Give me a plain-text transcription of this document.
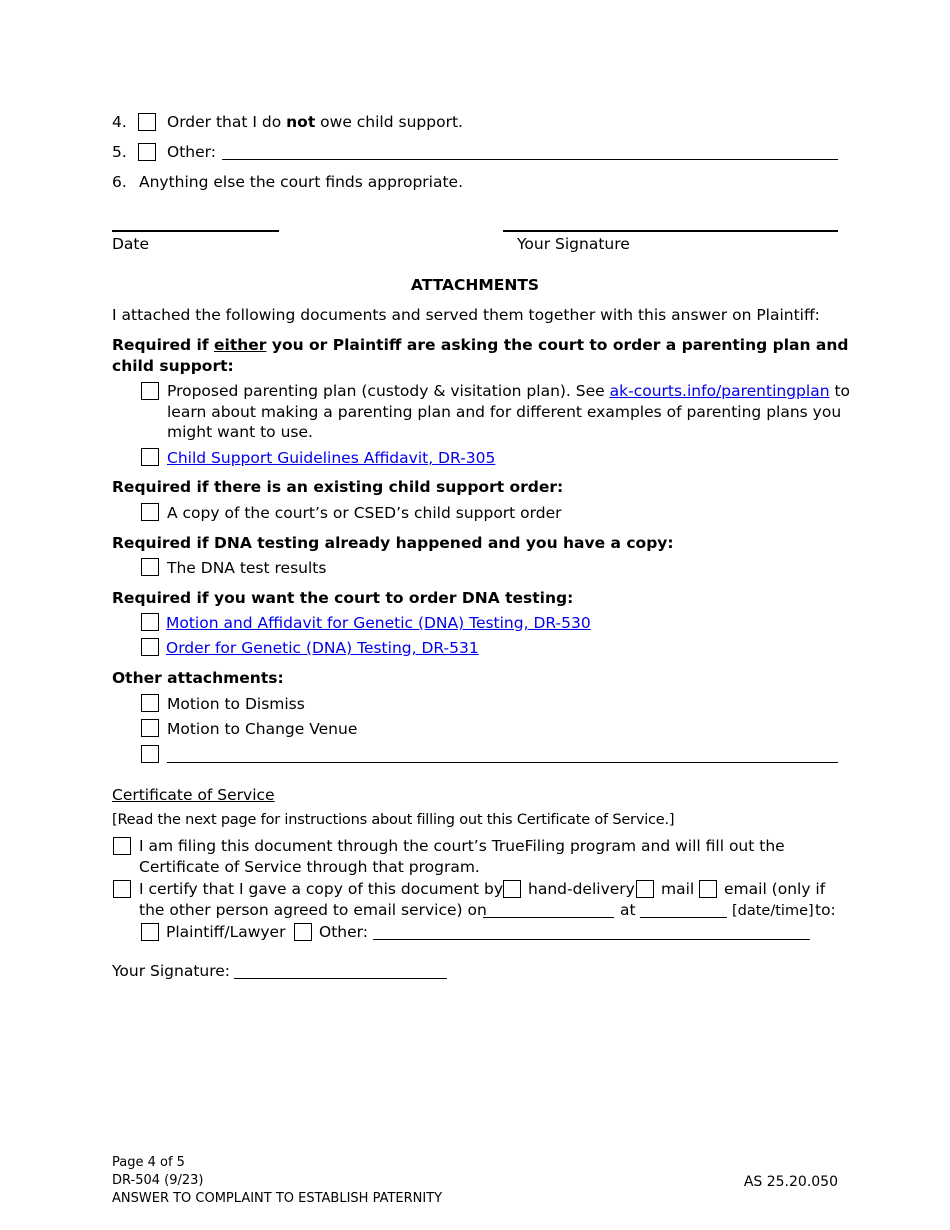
4.	Order that I do not owe child support.
5.	Other:
6. Anything else the court finds appropriate.
Date	Your Signature
ATTACHMENTS
I attached the following documents and served them together with this answer on Plaintiff:
Required if either you or Plaintiff are asking the court to order a parenting plan and
child support:
Proposed parenting plan (custody & visitation plan). See ak-courts.info/parentingplan to
learn about making a parenting plan and for different examples of parenting plans you
might want to use.
Child Support Guidelines Affidavit, DR-305
Required if there is an existing child support order:
A copy of the court’s or CSED’s child support order
Required if DNA testing already happened and you have a copy:
The DNA test results
Required if you want the court to order DNA testing:
Motion and Affidavit for Genetic (DNA) Testing, DR-530
Order for Genetic (DNA) Testing, DR-531
Other attachments:
Motion to Dismiss
Motion to Change Venue
Certificate of Service
[Read the next page for instructions about filling out this Certificate of Service.]
I am filing this document through the court’s TrueFiling program and will fill out the
Certificate of Service through that program.
I certify that I gave a copy of this document by hand-delivery mail email (only if
the other person agreed to email service) on	at	[date/time] to:
Plaintiff/Lawyer Other:
Your Signature:
Page 4 of 5
DR-504 (9/23)
ANSWER TO COMPLAINT TO ESTABLISH PATERNITY
AS 25.20.050
